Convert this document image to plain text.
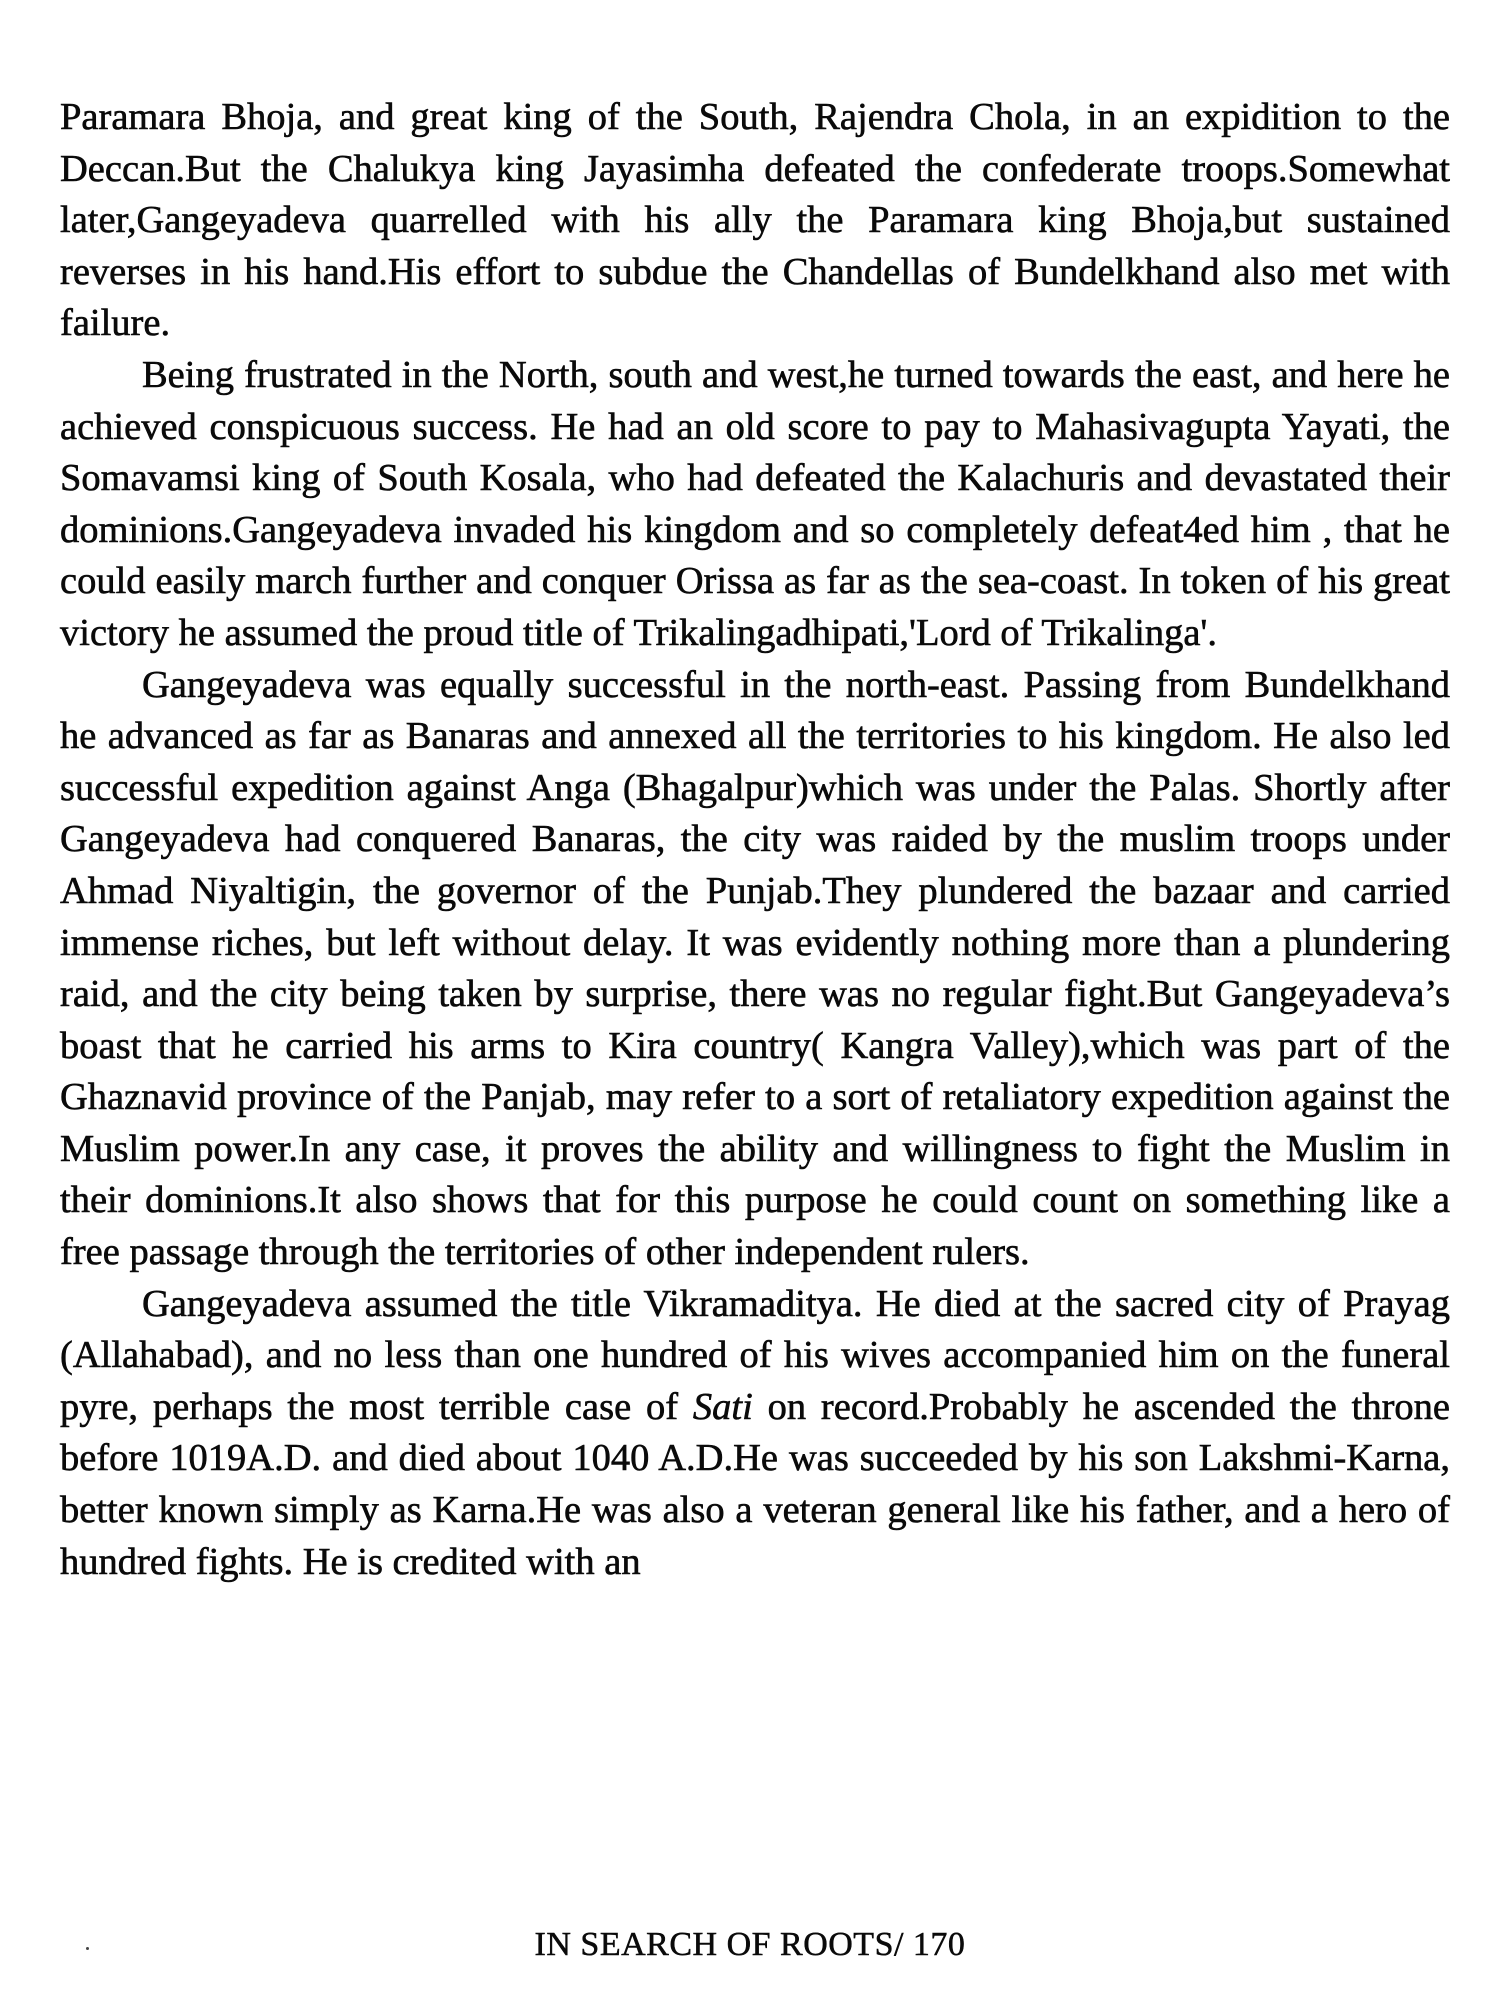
Paramara Bhoja, and great king of the South, Rajendra Chola, in an expidition to the Deccan.But the Chalukya king Jayasimha defeated the confederate troops.Somewhat later,Gangeyadeva quarrelled with his ally the Paramara king Bhoja,but sustained reverses in his hand.His effort to subdue the Chandellas of Bundelkhand also met with failure.

Being frustrated in the North, south and west,he turned towards the east, and here he achieved conspicuous success. He had an old score to pay to Mahasivagupta Yayati, the Somavamsi king of South Kosala, who had defeated the Kalachuris and devastated their dominions.Gangeyadeva invaded his kingdom and so completely defeat4ed him , that he could easily march further and conquer Orissa as far as the sea-coast. In token of his great victory he assumed the proud title of Trikalingadhipati,'Lord of Trikalinga'.

Gangeyadeva was equally successful in the north-east. Passing from Bundelkhand he advanced as far as Banaras and annexed all the territories to his kingdom. He also led successful expedition against Anga (Bhagalpur)which was under the Palas. Shortly after Gangeyadeva had conquered Banaras, the city was raided by the muslim troops under Ahmad Niyaltigin, the governor of the Punjab.They plundered the bazaar and carried immense riches, but left without delay. It was evidently nothing more than a plundering raid, and the city being taken by surprise, there was no regular fight.But Gangeyadeva’s boast that he carried his arms to Kira country( Kangra Valley),which was part of the Ghaznavid province of the Panjab, may refer to a sort of retaliatory expedition against the Muslim power.In any case, it proves the ability and willingness to fight the Muslim in their dominions.It also shows that for this purpose he could count on something like a free passage through the territories of other independent rulers.

Gangeyadeva assumed the title Vikramaditya. He died at the sacred city of Prayag (Allahabad), and no less than one hundred of his wives accompanied him on the funeral pyre, perhaps the most terrible case of Sati on record.Probably he ascended the throne before 1019A.D. and died about 1040 A.D.He was succeeded by his son Lakshmi-Karna, better known simply as Karna.He was also a veteran general like his father, and a hero of hundred fights. He is credited with an

IN SEARCH OF ROOTS/ 170
